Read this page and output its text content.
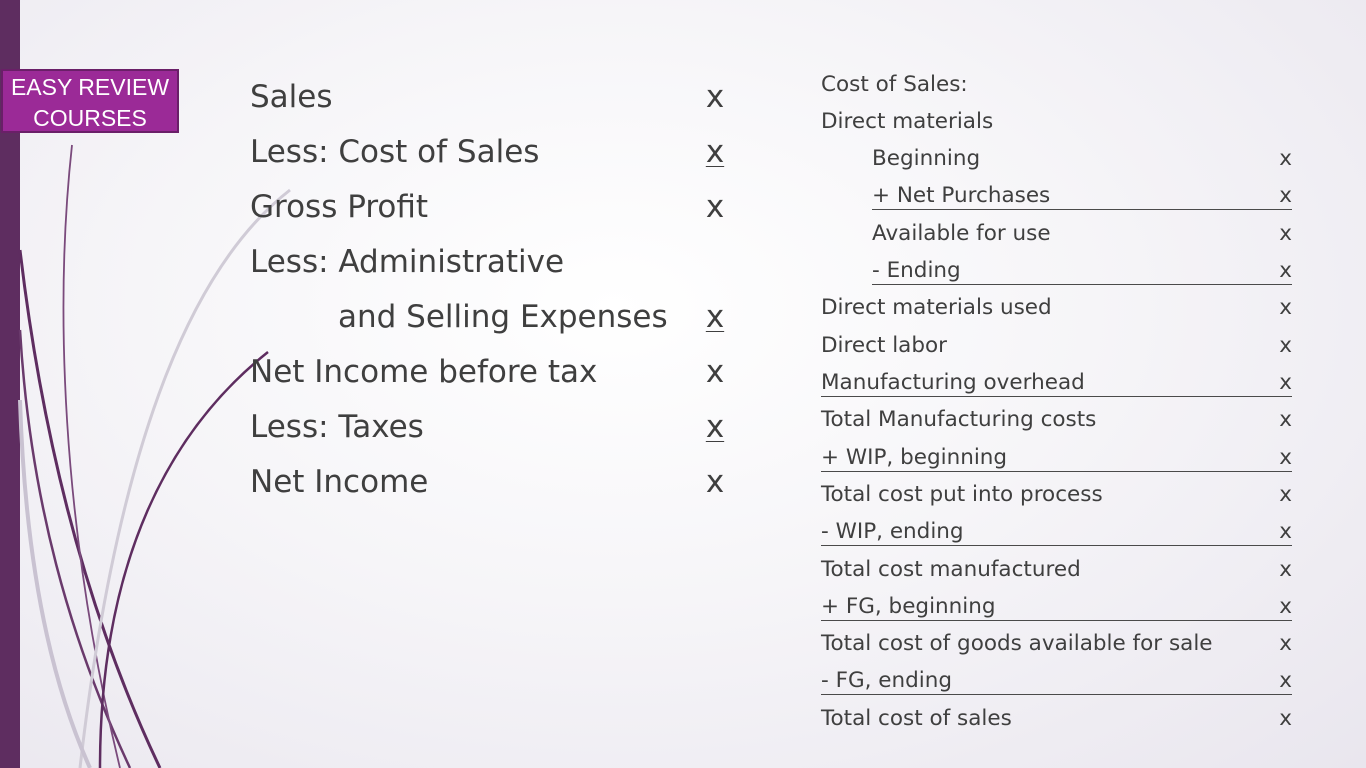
EASY REVIEW
COURSES
Sales	x
Less: Cost of Sales	x
Gross Profit	x
Less: Administrative
and Selling Expenses x
Net Income before tax	x
Less: Taxes	x
Net Income	x
Cost of Sales:
Direct materials
Beginning	x
+ Net Purchases	x
Available for use	x
- Ending	x
Direct materials used	x
Direct labor	x
Manufacturing overhead	x
Total Manufacturing costs	x
+ WIP, beginning	x
Total cost put into process	x
- WIP, ending	x
Total cost manufactured	x
+ FG, beginning	x
Total cost of goods available for sale	x
- FG, ending	x
Total cost of sales	x
